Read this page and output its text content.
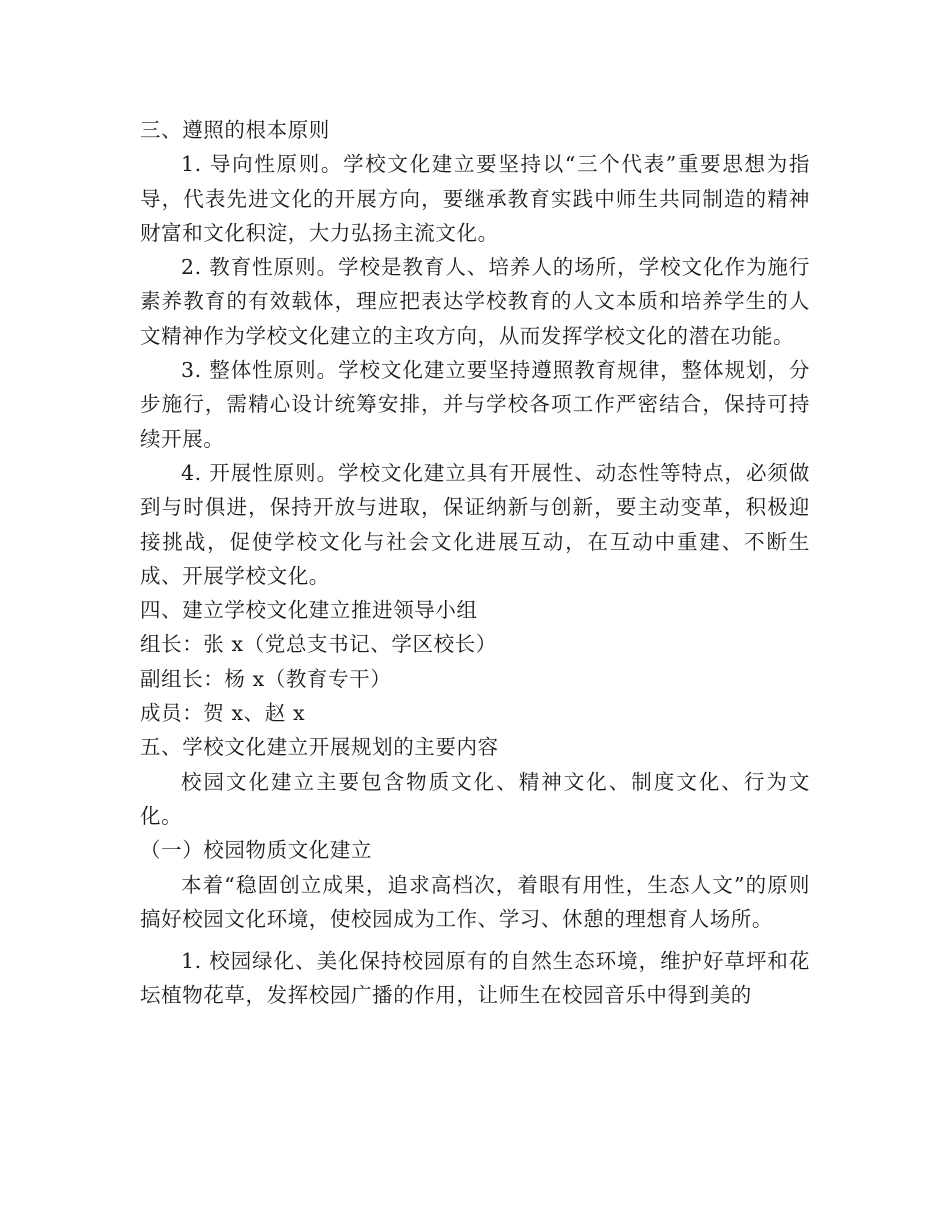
三、遵照的根本原则

1. 导向性原则。学校文化建立要坚持以“三个代表”重要思想为指导，代表先进文化的开展方向，要继承教育实践中师生共同制造的精神财富和文化积淀，大力弘扬主流文化。

2. 教育性原则。学校是教育人、培养人的场所，学校文化作为施行素养教育的有效载体，理应把表达学校教育的人文本质和培养学生的人文精神作为学校文化建立的主攻方向，从而发挥学校文化的潜在功能。

3. 整体性原则。学校文化建立要坚持遵照教育规律，整体规划，分步施行，需精心设计统筹安排，并与学校各项工作严密结合，保持可持续开展。

4. 开展性原则。学校文化建立具有开展性、动态性等特点，必须做到与时俱进，保持开放与进取，保证纳新与创新，要主动变革，积极迎接挑战，促使学校文化与社会文化进展互动，在互动中重建、不断生成、开展学校文化。

四、建立学校文化建立推进领导小组

组长：张 x（党总支书记、学区校长）

副组长：杨 x（教育专干）

成员：贺 x、赵 x

五、学校文化建立开展规划的主要内容

校园文化建立主要包含物质文化、精神文化、制度文化、行为文化。

（一）校园物质文化建立

本着“稳固创立成果，追求高档次，着眼有用性，生态人文”的原则搞好校园文化环境，使校园成为工作、学习、休憩的理想育人场所。

1. 校园绿化、美化保持校园原有的自然生态环境，维护好草坪和花坛植物花草，发挥校园广播的作用，让师生在校园音乐中得到美的
